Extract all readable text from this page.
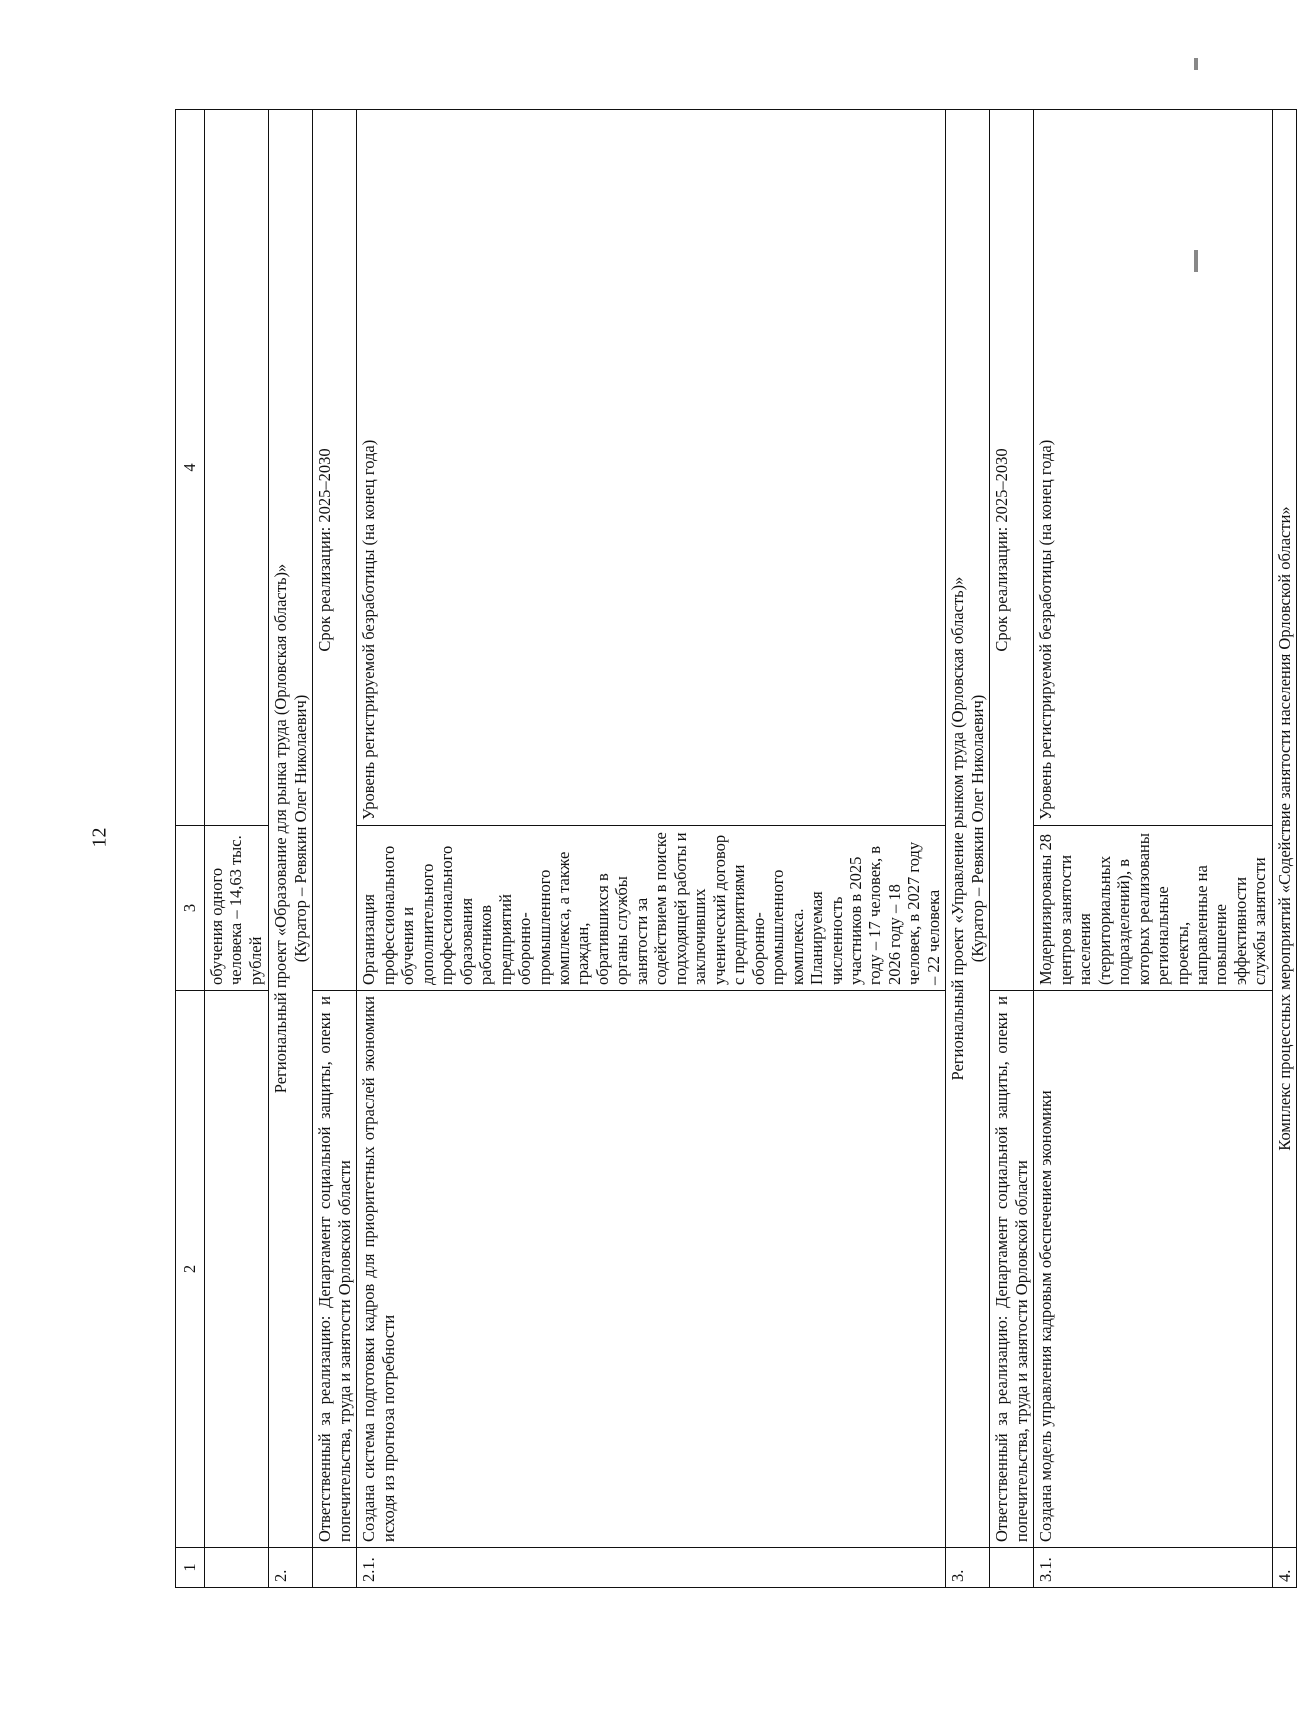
12
1	2	3	4
		обучения одного человека – 14,63 тыс. рублей	
2.	Региональный проект «Образование для рынка труда (Орловская область)» (Куратор – Ревякин Олег Николаевич)		

	Ответственный за реализацию: Департамент социальной защиты, опеки и попечительства, труда и занятости Орловской области	Срок реализации: 2025–2030	
2.1.	Создана система подготовки кадров для приоритетных отраслей экономики исходя из прогноза потребности	Организация профессионального обучения и дополнительного профессионального образования работников предприятий оборонно-промышленного комплекса, а также граждан, обратившихся в органы службы занятости за содействием в поиске подходящей работы и заключивших ученический договор с предприятиями оборонно-промышленного комплекса. Планируемая численность участников в 2025 году – 17 человек, в 2026 году – 18 человек, в 2027 году – 22 человека	Уровень регистрируемой безработицы (на конец года)
3.	Региональный проект «Управление рынком труда (Орловская область)» (Куратор – Ревякин Олег Николаевич)		

	Ответственный за реализацию: Департамент социальной защиты, опеки и попечительства, труда и занятости Орловской области	Срок реализации: 2025–2030	
3.1.	Создана модель управления кадровым обеспечением экономики	Модернизированы 28 центров занятости населения (территориальных подразделений), в которых реализованы региональные проекты, направленные на повышение эффективности службы занятости	Уровень регистрируемой безработицы (на конец года)
4.	Комплекс процессных мероприятий «Содействие занятости населения Орловской области»		
